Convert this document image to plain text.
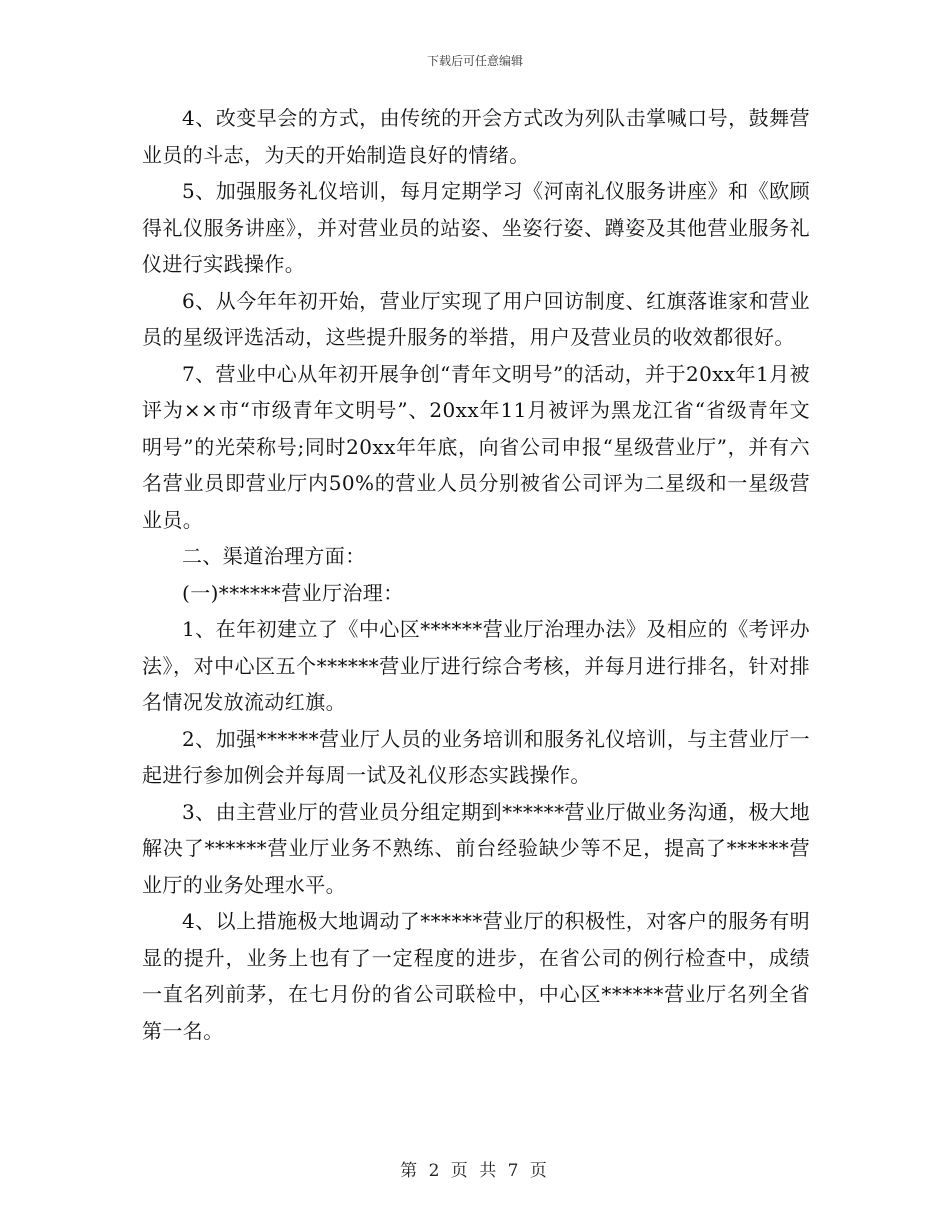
下载后可任意编辑

4、改变早会的方式，由传统的开会方式改为列队击掌喊口号，鼓舞营业员的斗志，为天的开始制造良好的情绪。

5、加强服务礼仪培训，每月定期学习《河南礼仪服务讲座》和《欧顾得礼仪服务讲座》，并对营业员的站姿、坐姿行姿、蹲姿及其他营业服务礼仪进行实践操作。

6、从今年年初开始，营业厅实现了用户回访制度、红旗落谁家和营业员的星级评选活动，这些提升服务的举措，用户及营业员的收效都很好。

7、营业中心从年初开展争创“青年文明号”的活动，并于20xx年1月被评为××市“市级青年文明号”、20xx年11月被评为黑龙江省“省级青年文明号”的光荣称号;同时20xx年年底，向省公司申报“星级营业厅”，并有六名营业员即营业厅内50%的营业人员分别被省公司评为二星级和一星级营业员。

二、渠道治理方面：

(一)******营业厅治理：

1、在年初建立了《中心区******营业厅治理办法》及相应的《考评办法》，对中心区五个******营业厅进行综合考核，并每月进行排名，针对排名情况发放流动红旗。

2、加强******营业厅人员的业务培训和服务礼仪培训，与主营业厅一起进行参加例会并每周一试及礼仪形态实践操作。

3、由主营业厅的营业员分组定期到******营业厅做业务沟通，极大地解决了******营业厅业务不熟练、前台经验缺少等不足，提高了******营业厅的业务处理水平。

4、以上措施极大地调动了******营业厅的积极性，对客户的服务有明显的提升，业务上也有了一定程度的进步，在省公司的例行检查中，成绩一直名列前茅，在七月份的省公司联检中，中心区******营业厅名列全省第一名。

第 2 页 共 7 页
